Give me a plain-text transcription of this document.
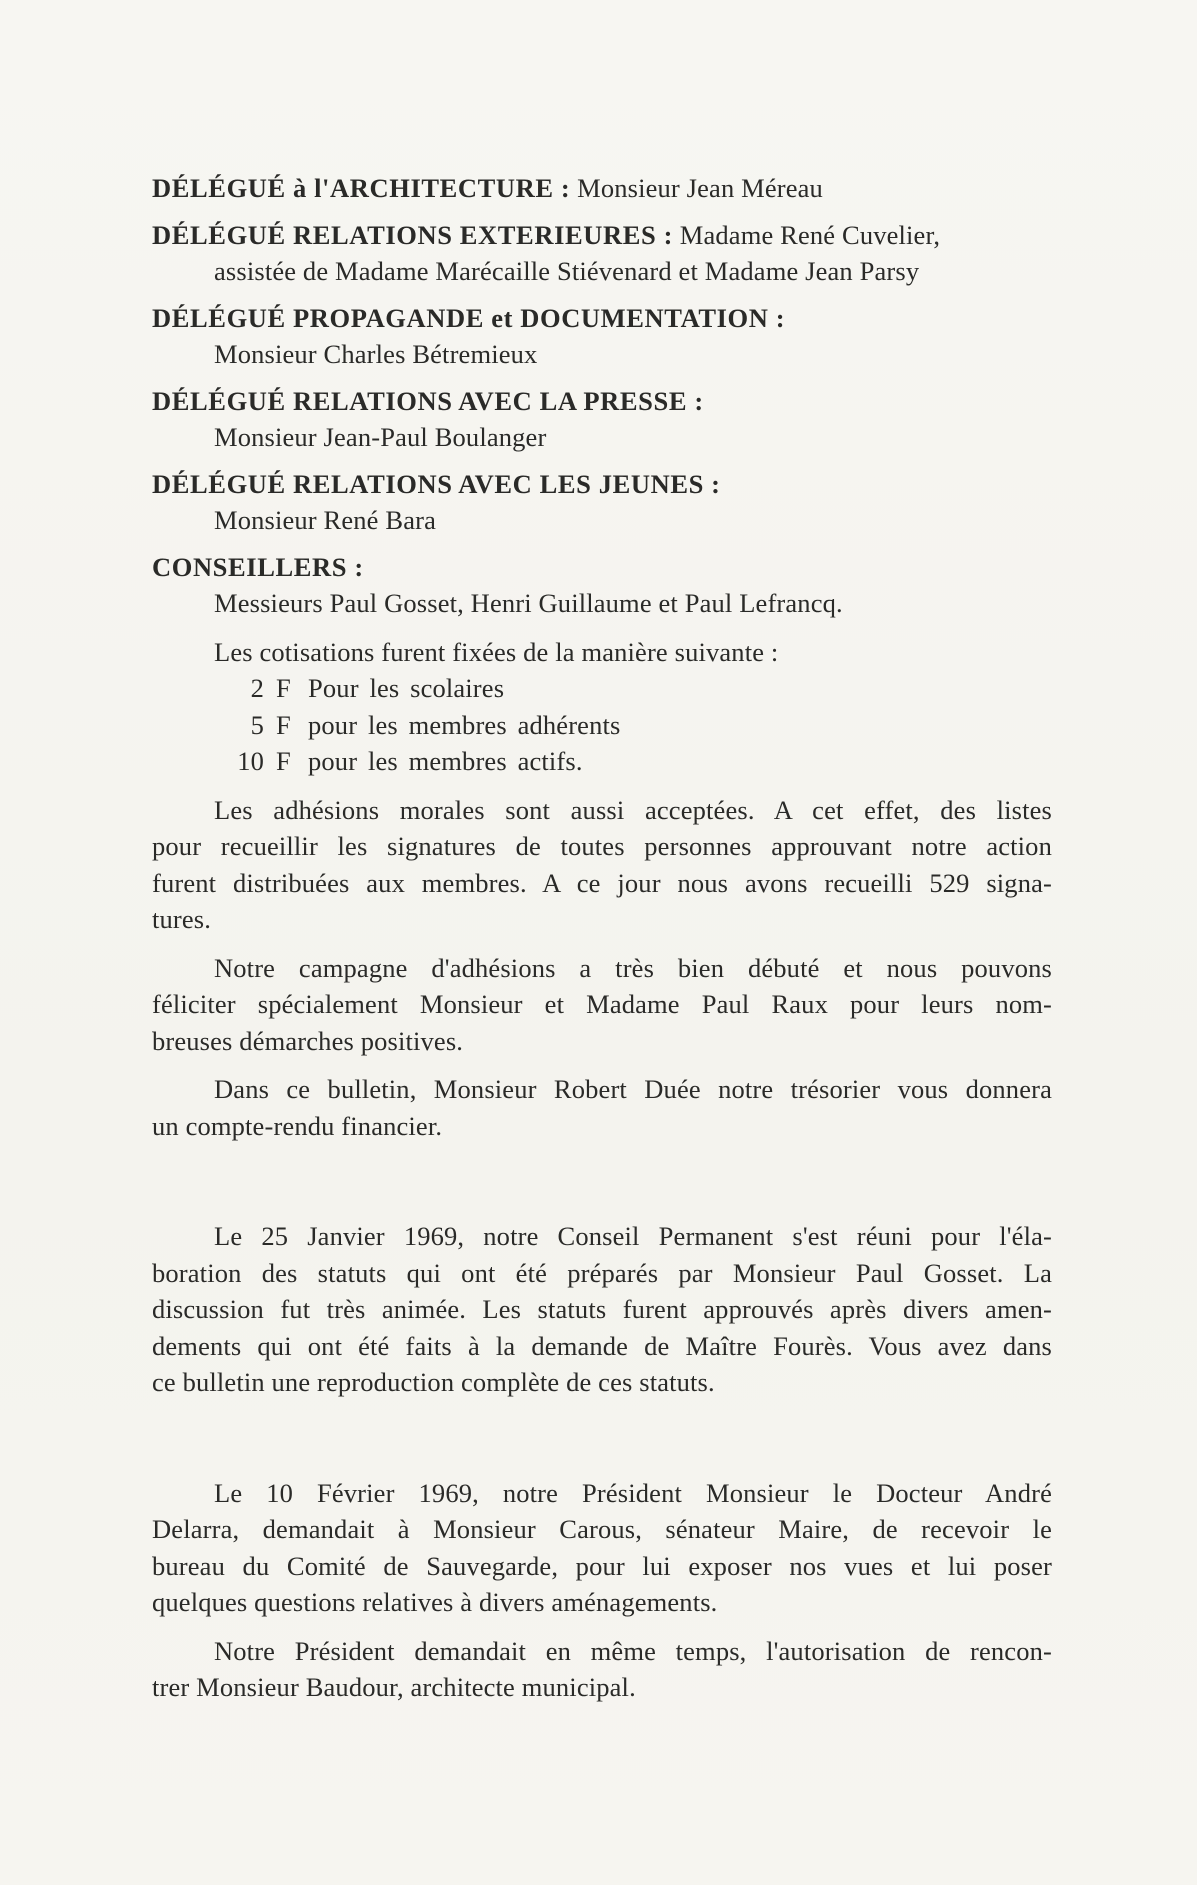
DÉLÉGUÉ à l'ARCHITECTURE : Monsieur Jean Méreau
DÉLÉGUÉ RELATIONS EXTERIEURES : Madame René Cuvelier,
assistée de Madame Marécaille Stiévenard et Madame Jean Parsy
DÉLÉGUÉ PROPAGANDE et DOCUMENTATION :
Monsieur Charles Bétremieux
DÉLÉGUÉ RELATIONS AVEC LA PRESSE :
Monsieur Jean-Paul Boulanger
DÉLÉGUÉ RELATIONS AVEC LES JEUNES :
Monsieur René Bara
CONSEILLERS :
Messieurs Paul Gosset, Henri Guillaume et Paul Lefrancq.
Les cotisations furent fixées de la manière suivante :
2 F Pour les scolaires
5 F pour les membres adhérents
10 F pour les membres actifs.
Les adhésions morales sont aussi acceptées. A cet effet, des listes
pour recueillir les signatures de toutes personnes approuvant notre action
furent distribuées aux membres. A ce jour nous avons recueilli 529 signa-
tures.
Notre campagne d'adhésions a très bien débuté et nous pouvons
féliciter spécialement Monsieur et Madame Paul Raux pour leurs nom-
breuses démarches positives.
Dans ce bulletin, Monsieur Robert Duée notre trésorier vous donnera
un compte-rendu financier.
Le 25 Janvier 1969, notre Conseil Permanent s'est réuni pour l'éla-
boration des statuts qui ont été préparés par Monsieur Paul Gosset. La
discussion fut très animée. Les statuts furent approuvés après divers amen-
dements qui ont été faits à la demande de Maître Fourès. Vous avez dans
ce bulletin une reproduction complète de ces statuts.
Le 10 Février 1969, notre Président Monsieur le Docteur André
Delarra, demandait à Monsieur Carous, sénateur Maire, de recevoir le
bureau du Comité de Sauvegarde, pour lui exposer nos vues et lui poser
quelques questions relatives à divers aménagements.
Notre Président demandait en même temps, l'autorisation de rencon-
trer Monsieur Baudour, architecte municipal.
